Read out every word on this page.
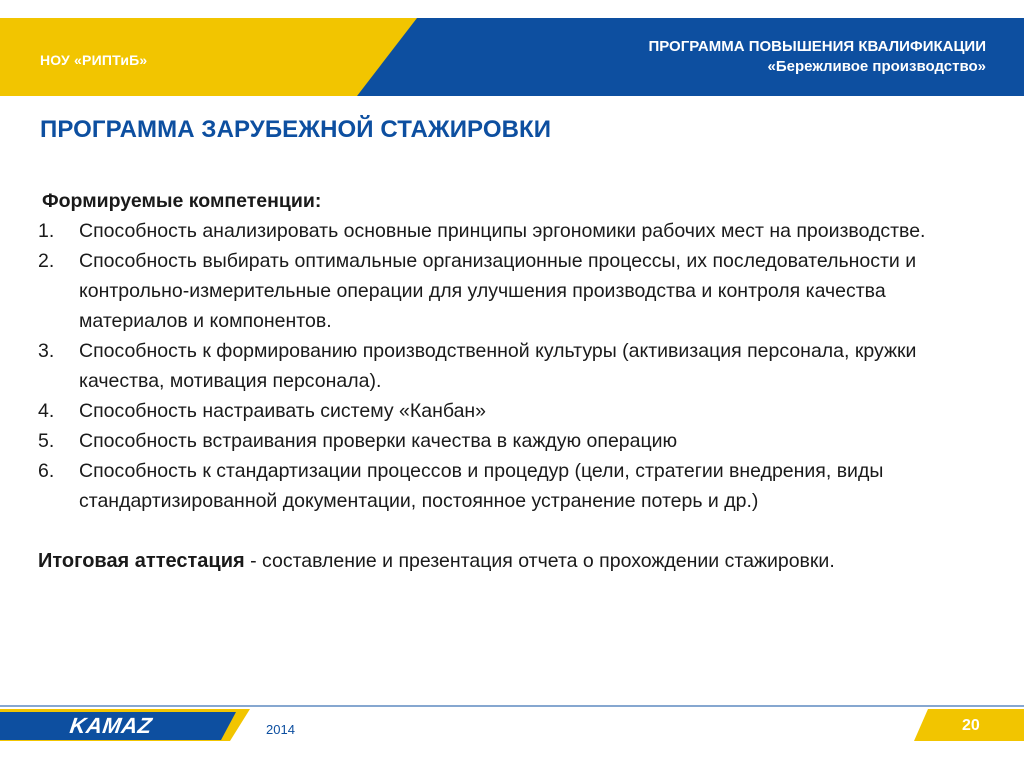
НОУ «РИПТиБ»
ПРОГРАММА ПОВЫШЕНИЯ КВАЛИФИКАЦИИ
«Бережливое производство»
ПРОГРАММА ЗАРУБЕЖНОЙ СТАЖИРОВКИ

Формируемые компетенции:

1. Способность анализировать основные принципы эргономики рабочих мест на производстве.
2. Способность выбирать оптимальные организационные процессы, их последовательности и контрольно-измерительные операции для улучшения производства и контроля качества материалов и компонентов.
3. Способность к формированию производственной культуры (активизация персонала, кружки качества, мотивация персонала).
4. Способность настраивать систему «Канбан»
5. Способность встраивания проверки качества в каждую операцию
6. Способность к стандартизации процессов и процедур (цели, стратегии внедрения, виды стандартизированной документации, постоянное устранение потерь и др.)
Итоговая аттестация - составление и презентация отчета о прохождении стажировки.
KAMAZ	2014	20
